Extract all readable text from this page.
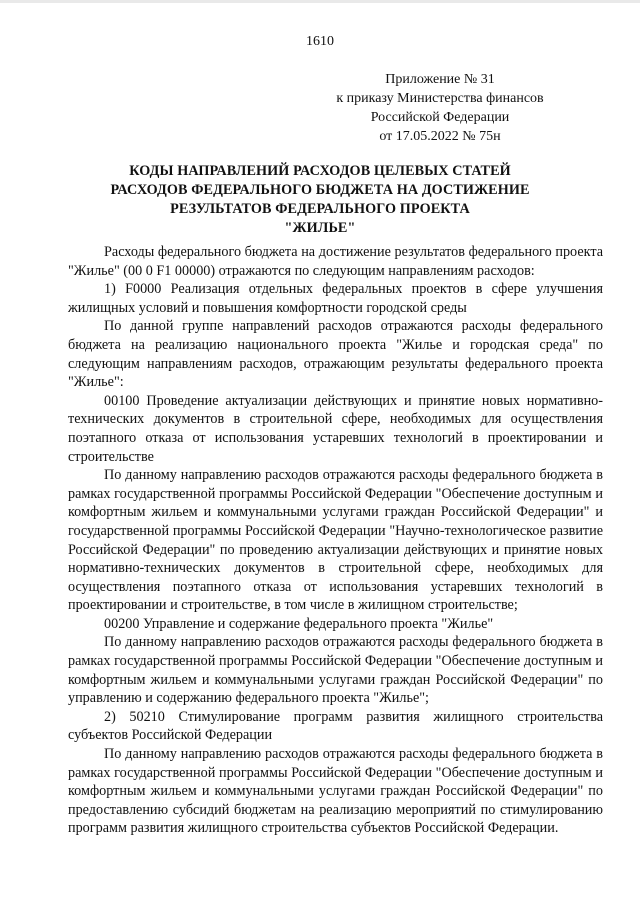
1610
Приложение № 31
к приказу Министерства финансов
Российской Федерации
от 17.05.2022 № 75н
КОДЫ НАПРАВЛЕНИЙ РАСХОДОВ ЦЕЛЕВЫХ СТАТЕЙ
РАСХОДОВ ФЕДЕРАЛЬНОГО БЮДЖЕТА НА ДОСТИЖЕНИЕ
РЕЗУЛЬТАТОВ ФЕДЕРАЛЬНОГО ПРОЕКТА
"ЖИЛЬЕ"

Расходы федерального бюджета на достижение результатов федерального проекта "Жилье" (00 0 F1 00000) отражаются по следующим направлениям расходов:

1) F0000 Реализация отдельных федеральных проектов в сфере улучшения жилищных условий и повышения комфортности городской среды

По данной группе направлений расходов отражаются расходы федерального бюджета на реализацию национального проекта "Жилье и городская среда" по следующим направлениям расходов, отражающим результаты федерального проекта "Жилье":

00100 Проведение актуализации действующих и принятие новых нормативно-технических документов в строительной сфере, необходимых для осуществления поэтапного отказа от использования устаревших технологий в проектировании и строительстве

По данному направлению расходов отражаются расходы федерального бюджета в рамках государственной программы Российской Федерации "Обеспечение доступным и комфортным жильем и коммунальными услугами граждан Российской Федерации" и государственной программы Российской Федерации "Научно-технологическое развитие Российской Федерации" по проведению актуализации действующих и принятие новых нормативно-технических документов в строительной сфере, необходимых для осуществления поэтапного отказа от использования устаревших технологий в проектировании и строительстве, в том числе в жилищном строительстве;

00200 Управление и содержание федерального проекта "Жилье"

По данному направлению расходов отражаются расходы федерального бюджета в рамках государственной программы Российской Федерации "Обеспечение доступным и комфортным жильем и коммунальными услугами граждан Российской Федерации" по управлению и содержанию федерального проекта "Жилье";

2) 50210 Стимулирование программ развития жилищного строительства субъектов Российской Федерации

По данному направлению расходов отражаются расходы федерального бюджета в рамках государственной программы Российской Федерации "Обеспечение доступным и комфортным жильем и коммунальными услугами граждан Российской Федерации" по предоставлению субсидий бюджетам на реализацию мероприятий по стимулированию программ развития жилищного строительства субъектов Российской Федерации.
